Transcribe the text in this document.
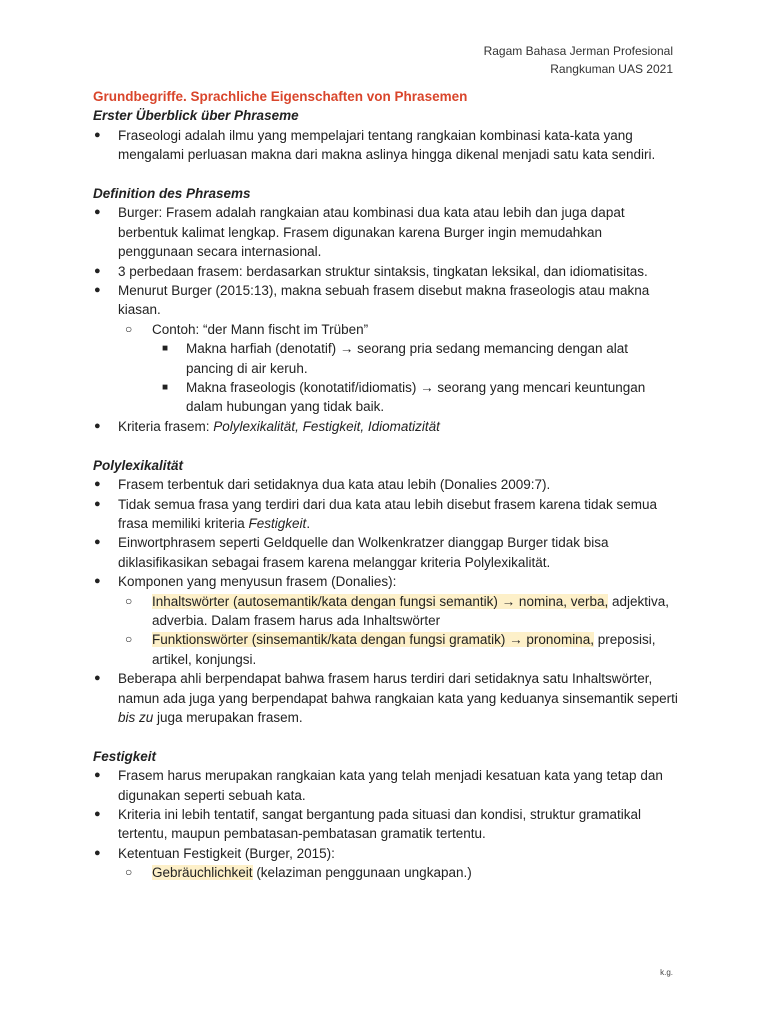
Ragam Bahasa Jerman Profesional
Rangkuman UAS 2021
Grundbegriffe. Sprachliche Eigenschaften von Phrasemen
Erster Überblick über Phraseme
● Fraseologi adalah ilmu yang mempelajari tentang rangkaian kombinasi kata-kata yang mengalami perluasan makna dari makna aslinya hingga dikenal menjadi satu kata sendiri.
Definition des Phrasems
● Burger: Frasem adalah rangkaian atau kombinasi dua kata atau lebih dan juga dapat berbentuk kalimat lengkap. Frasem digunakan karena Burger ingin memudahkan penggunaan secara internasional.
● 3 perbedaan frasem: berdasarkan struktur sintaksis, tingkatan leksikal, dan idiomatisitas.
● Menurut Burger (2015:13), makna sebuah frasem disebut makna fraseologis atau makna kiasan.
○ Contoh: “der Mann fischt im Trüben”
■ Makna harfiah (denotatif) → seorang pria sedang memancing dengan alat pancing di air keruh.
■ Makna fraseologis (konotatif/idiomatis) → seorang yang mencari keuntungan dalam hubungan yang tidak baik.
● Kriteria frasem: Polylexikalität, Festigkeit, Idiomatizität
Polylexikalität
● Frasem terbentuk dari setidaknya dua kata atau lebih (Donalies 2009:7).
● Tidak semua frasa yang terdiri dari dua kata atau lebih disebut frasem karena tidak semua frasa memiliki kriteria Festigkeit.
● Einwortphrasem seperti Geldquelle dan Wolkenkratzer dianggap Burger tidak bisa diklasifikasikan sebagai frasem karena melanggar kriteria Polylexikalität.
● Komponen yang menyusun frasem (Donalies):
○ Inhaltswörter (autosemantik/kata dengan fungsi semantik) → nomina, verba, adjektiva, adverbia. Dalam frasem harus ada Inhaltswörter
○ Funktionswörter (sinsemantik/kata dengan fungsi gramatik) → pronomina, preposisi, artikel, konjungsi.
● Beberapa ahli berpendapat bahwa frasem harus terdiri dari setidaknya satu Inhaltswörter, namun ada juga yang berpendapat bahwa rangkaian kata yang keduanya sinsemantik seperti bis zu juga merupakan frasem.
Festigkeit
● Frasem harus merupakan rangkaian kata yang telah menjadi kesatuan kata yang tetap dan digunakan seperti sebuah kata.
● Kriteria ini lebih tentatif, sangat bergantung pada situasi dan kondisi, struktur gramatikal tertentu, maupun pembatasan-pembatasan gramatik tertentu.
● Ketentuan Festigkeit (Burger, 2015):
○ Gebräuchlichkeit (kelaziman penggunaan ungkapan.)
k.g.
